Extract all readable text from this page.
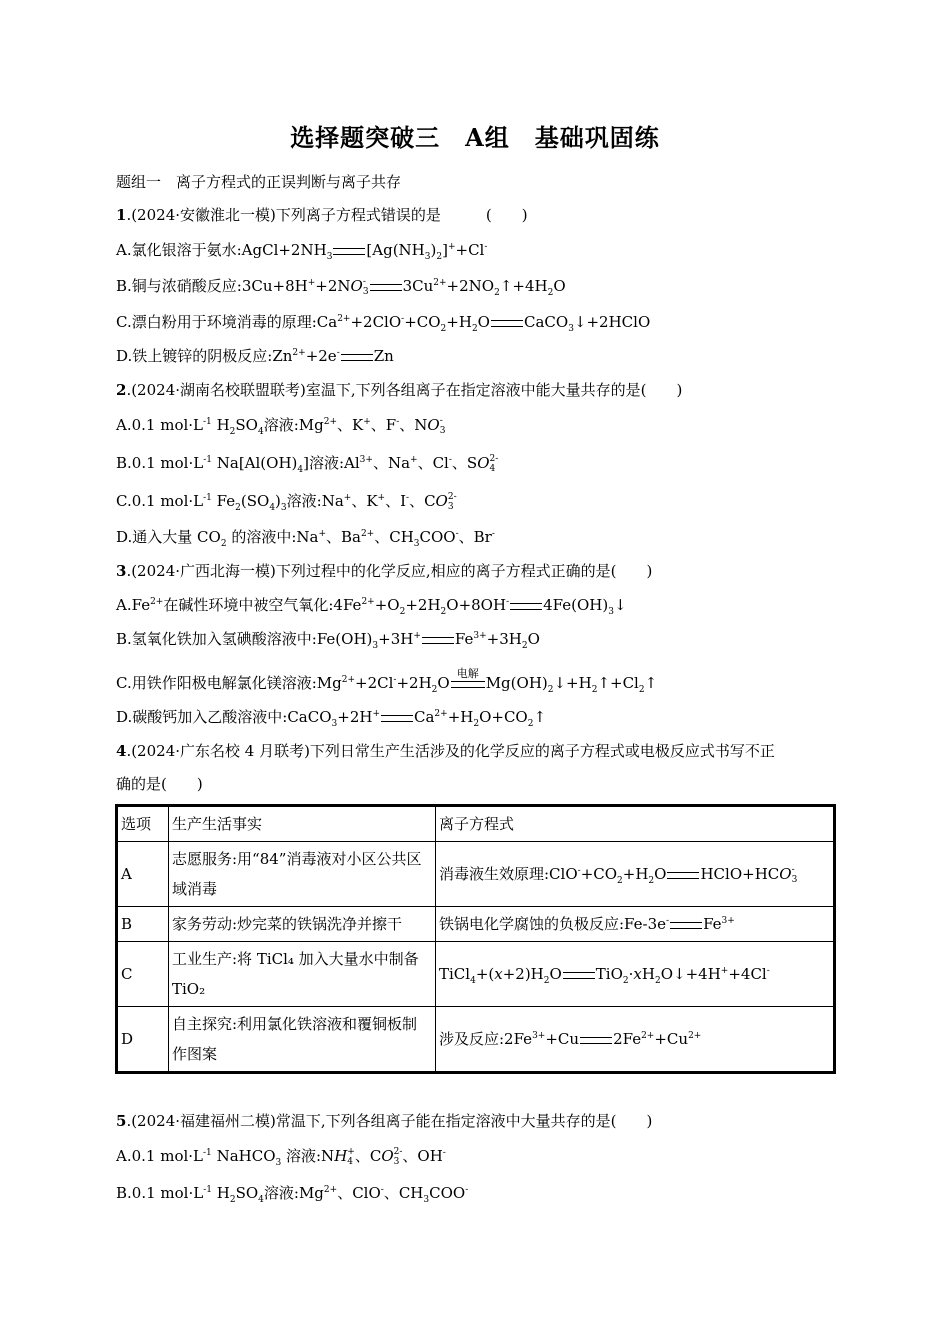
选择题突破三　A组　基础巩固练
题组一　离子方程式的正误判断与离子共存
1.(2024·安徽淮北一模)下列离子方程式错误的是　　　(　　)
A.氯化银溶于氨水$:AgCl+2NH_3$ $[Ag(NH_3)_2]^++Cl^-$
B.铜与浓硝酸反应:3Cu+8H++2NO -
3 $3Cu^{2+}+2NO_2↑+4H_2O$
C.漂白粉用于环境消毒的原理$:Ca^{2+}+2ClO^-+CO_2+H_2O$ CaCO$_3$↓+2HClO
D.铁上镀锌的阴极反应$:Zn^{2+}+2e^-$ Zn
2.(2024·湖南名校联盟联考)室温下,下列各组离子在指定溶液中能大量共存的是(　　)
A.0.1 $mol\cdot L^{-1}$ $H_2SO_4$溶液$:Mg^{2+}$、K+、F-、NO -
3
B.0.1 $mol\cdot L^{-1}$ $Na[Al(OH)_4]$溶液$:Al^{3+}$、Na+、Cl-、SO 2-
4
C.0.1 $mol\cdot L^{-1}$ $Fe_2(SO_4)_3$溶液:Na+、K+、I-、CO 2-
3
D.通入大量 $CO_2$ 的溶液中:Na+、$Ba^{2+}$、$CH_3COO^-$、Br-
3.(2024·广西北海一模)下列过程中的化学反应,相应的离子方程式正确的是(　　)
$A.Fe^{2+}$在碱性环境中被空气氧化$:4Fe^{2+}+O_2+2H_2O+8OH^-$ $4Fe(OH)_3↓$
B.氢氧化铁加入氢碘酸溶液中$:Fe(OH)_3+3H^+$ $Fe^{3+}+3H_2O$
C.用铁作阳极电解氯化镁溶液$:Mg^{2+}+2Cl^-+2H_2O$
电解
$Mg(OH)_2↓+H_2↑+Cl_2↑$
D.碳酸钙加入乙酸溶液中:CaCO$_3$+2H+ $Ca^{2+}+H_2O+CO_2↑$
4.(2024·广东名校 4 月联考)下列日常生产生活涉及的化学反应的离子方程式或电极反应式书写不正
确的是(　　)
选项	生产生活事实	离子方程式
A	志愿服务:用“84”消毒液对小区公共区域消毒	消毒液生效原理$:ClO^-+CO_2+H_2O$ HClO+HCO -
3

B	家务劳动:炒完菜的铁锅洗净并擦干	铁锅电化学腐蚀的负极反应:Fe-3e- $Fe^{3+}$
C	工业生产:将 TiCl₄ 加入大量水中制备 TiO₂	$TiCl_4+(x+2)H_2O$ $TiO_2\cdot xH_2O↓+4H^++4Cl^-$
D	自主探究:利用氯化铁溶液和覆铜板制作图案	涉及反应$:2Fe^{3+}+Cu$ $2Fe^{2+}+Cu^{2+}$
5.(2024·福建福州二模)常温下,下列各组离子能在指定溶液中大量共存的是(　　)
A.0.1 $mol\cdot L^{-1}$ NaHCO$_3$ 溶液:NH +
4 、CO 2-
3 、OH-
B.0.1 $mol\cdot L^{-1}$ $H_2SO_4$溶液$:Mg^{2+}$、ClO-、$CH_3COO^-$
